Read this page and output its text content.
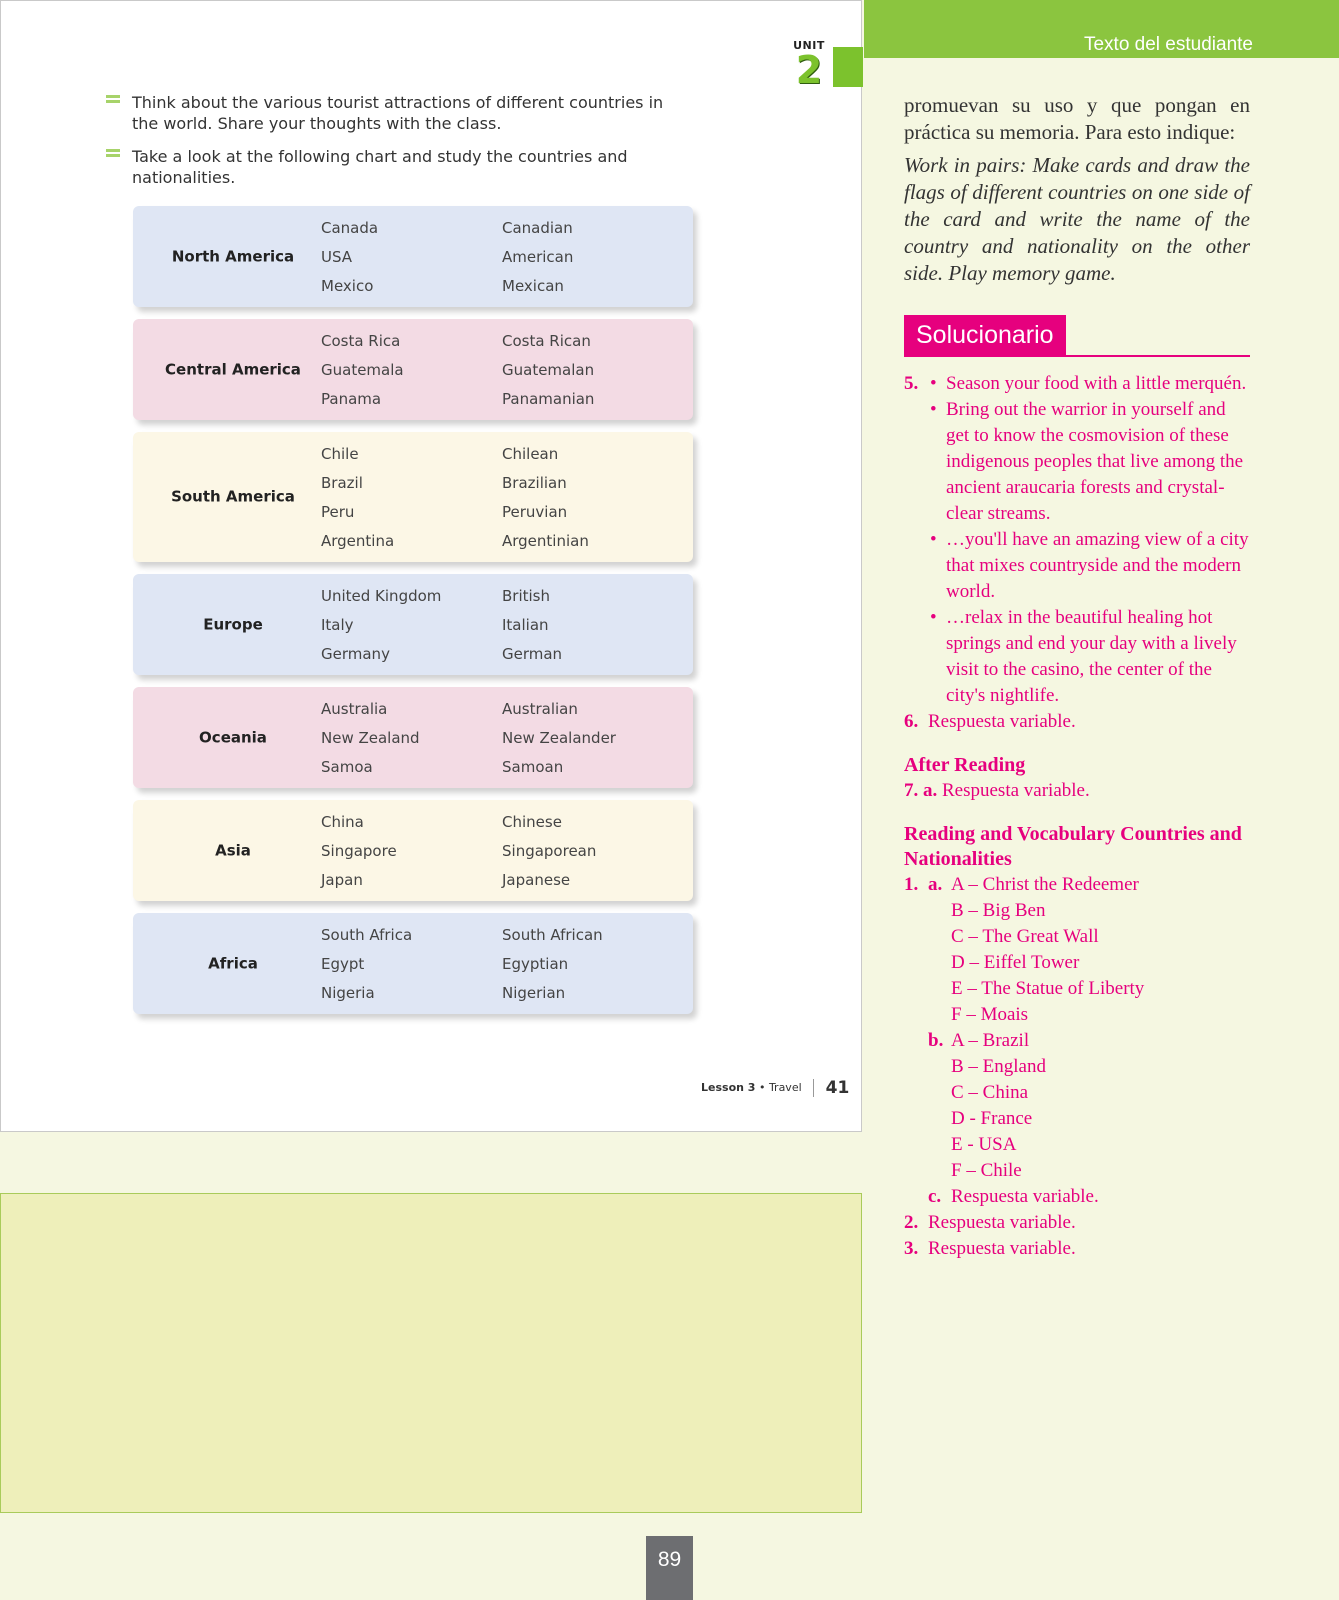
UNIT
2
Think about the various tourist attractions of different countries in the world. Share your thoughts with the class.
Take a look at the following chart and study the countries and nationalities.
North America
Canada	Canadian
USA	American
Mexico	Mexican
Central America
Costa Rica	Costa Rican
Guatemala	Guatemalan
Panama	Panamanian
South America
Chile	Chilean
Brazil	Brazilian
Peru	Peruvian
Argentina	Argentinian
Europe
United Kingdom	British
Italy	Italian
Germany	German
Oceania
Australia	Australian
New Zealand	New Zealander
Samoa	Samoan
Asia
China	Chinese
Singapore	Singaporean
Japan	Japanese
Africa
South Africa	South African
Egypt	Egyptian
Nigeria	Nigerian
Lesson 3 • Travel 41
Texto del estudiante

promuevan su uso y que pongan en práctica su memoria. Para esto indique:

Work in pairs: Make cards and draw the flags of different countries on one side of the card and write the name of the country and nationality on the other side. Play memory game.

Solucionario
5.
•	Season your food with a little merquén.
• Bring out the warrior in yourself and get to know the cosmovision of these indigenous peoples that live among the ancient araucaria forests and crystal-clear streams.
• …you'll have an amazing view of a city that mixes countryside and the modern world.
• …relax in the beautiful healing hot springs and end your day with a lively visit to the casino, the center of the city's nightlife.
6. Respuesta variable.
After Reading
7. a. Respuesta variable.
Reading and Vocabulary Countries and Nationalities
1. a. A – Christ the Redeemer
B – Big Ben
C – The Great Wall
D – Eiffel Tower
E – The Statue of Liberty
F – Moais
b. A – Brazil
B – England
C – China
D - France
E - USA
F – Chile
c. Respuesta variable.
2. Respuesta variable.
3. Respuesta variable.
89
